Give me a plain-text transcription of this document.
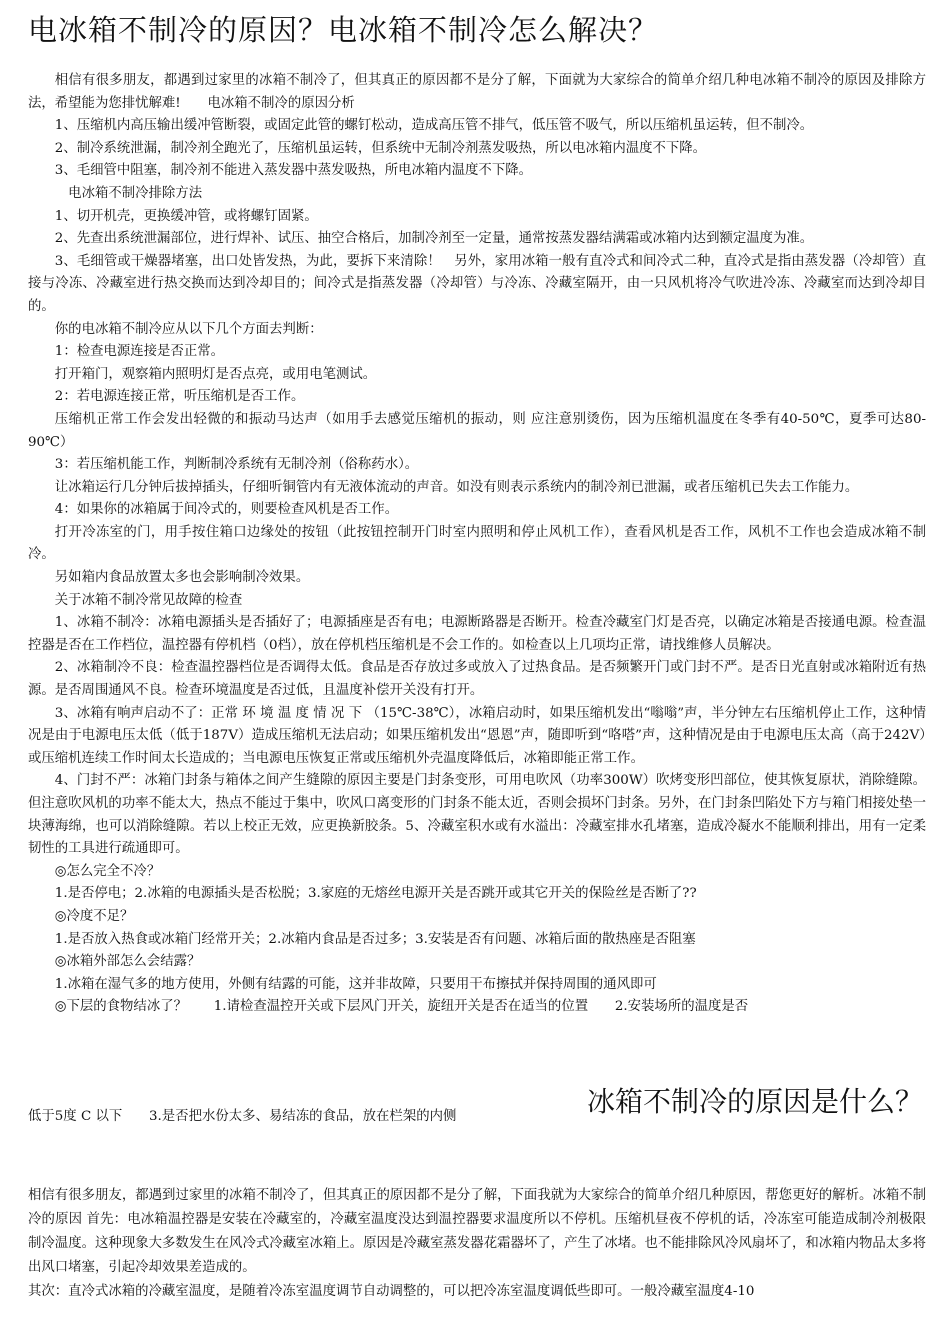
电冰箱不制冷的原因？电冰箱不制冷怎么解决？

相信有很多朋友，都遇到过家里的冰箱不制冷了，但其真正的原因都不是分了解，下面就为大家综合的简单介绍几种电冰箱不制冷的原因及排除方法，希望能为您排忧解难!　　电冰箱不制冷的原因分析

1、压缩机内高压输出缓冲管断裂，或固定此管的螺钉松动，造成高压管不排气，低压管不吸气，所以压缩机虽运转，但不制冷。

2、制冷系统泄漏，制冷剂全跑光了，压缩机虽运转，但系统中无制冷剂蒸发吸热，所以电冰箱内温度不下降。

3、毛细管中阻塞，制冷剂不能进入蒸发器中蒸发吸热，所电冰箱内温度不下降。

　电冰箱不制冷排除方法

1、切开机壳，更换缓冲管，或将螺钉固紧。

2、先查出系统泄漏部位，进行焊补、试压、抽空合格后，加制冷剂至一定量，通常按蒸发器结满霜或冰箱内达到额定温度为准。

3、毛细管或干燥器堵塞，出口处皆发热，为此，要拆下来清除！　另外，家用冰箱一般有直冷式和间冷式二种，直冷式是指由蒸发器（冷却管）直接与冷冻、冷藏室进行热交换而达到冷却目的；间冷式是指蒸发器（冷却管）与冷冻、冷藏室隔开，由一只风机将冷气吹进冷冻、冷藏室而达到冷却目的。

你的电冰箱不制冷应从以下几个方面去判断：

1：检查电源连接是否正常。

打开箱门，观察箱内照明灯是否点亮，或用电笔测试。

2：若电源连接正常，听压缩机是否工作。

压缩机正常工作会发出轻微的和振动马达声（如用手去感觉压缩机的振动，则 应注意别烫伤，因为压缩机温度在冬季有40-50℃，夏季可达80-90℃）

3：若压缩机能工作，判断制冷系统有无制冷剂（俗称药水）。

让冰箱运行几分钟后拔掉插头，仔细听铜管内有无液体流动的声音。如没有则表示系统内的制冷剂已泄漏，或者压缩机已失去工作能力。

4：如果你的冰箱属于间冷式的，则要检查风机是否工作。

打开冷冻室的门，用手按住箱口边缘处的按钮（此按钮控制开门时室内照明和停止风机工作），查看风机是否工作，风机不工作也会造成冰箱不制冷。

另如箱内食品放置太多也会影响制冷效果。

关于冰箱不制冷常见故障的检查

1、冰箱不制冷：冰箱电源插头是否插好了；电源插座是否有电；电源断路器是否断开。检查冷藏室门灯是否亮，以确定冰箱是否接通电源。检查温控器是否在工作档位，温控器有停机档（0档），放在停机档压缩机是不会工作的。如检查以上几项均正常，请找维修人员解决。

2、冰箱制冷不良：检查温控器档位是否调得太低。食品是否存放过多或放入了过热食品。是否频繁开门或门封不严。是否日光直射或冰箱附近有热源。是否周围通风不良。检查环境温度是否过低，且温度补偿开关没有打开。

3、冰箱有响声启动不了：正常 环 境 温 度 情 况 下 （15℃-38℃），冰箱启动时，如果压缩机发出“嗡嗡”声，半分钟左右压缩机停止工作，这种情况是由于电源电压太低（低于187V）造成压缩机无法启动；如果压缩机发出“恩恩”声，随即听到“咯嗒”声，这种情况是由于电源电压太高（高于242V）或压缩机连续工作时间太长造成的；当电源电压恢复正常或压缩机外壳温度降低后，冰箱即能正常工作。

4、门封不严：冰箱门封条与箱体之间产生缝隙的原因主要是门封条变形，可用电吹风（功率300W）吹烤变形凹部位，使其恢复原状，消除缝隙。但注意吹风机的功率不能太大，热点不能过于集中，吹风口离变形的门封条不能太近，否则会损坏门封条。另外，在门封条凹陷处下方与箱门相接处垫一块薄海绵，也可以消除缝隙。若以上校正无效，应更换新胶条。5、冷藏室积水或有水溢出：冷藏室排水孔堵塞，造成冷凝水不能顺利排出，用有一定柔韧性的工具进行疏通即可。

◎怎么完全不冷？

1.是否停电；2.冰箱的电源插头是否松脱；3.家庭的无熔丝电源开关是否跳开或其它开关的保险丝是否断了??

◎冷度不足？

1.是否放入热食或冰箱门经常开关；2.冰箱内食品是否过多；3.安装是否有问题、冰箱后面的散热座是否阻塞

◎冰箱外部怎么会结露？

1.冰箱在湿气多的地方使用，外侧有结露的可能，这并非故障，只要用干布擦拭并保持周围的通风即可

◎下层的食物结冰了？　　1.请检查温控开关或下层风门开关，旋纽开关是否在适当的位置　　2.安装场所的温度是否

低于5度 C 以下　　3.是否把水份太多、易结冻的食品，放在栏架的内侧	冰箱不制冷的原因是什么？

相信有很多朋友，都遇到过家里的冰箱不制冷了，但其真正的原因都不是分了解，下面我就为大家综合的简单介绍几种原因，帮您更好的解析。冰箱不制冷的原因 首先：电冰箱温控器是安装在冷藏室的，冷藏室温度没达到温控器要求温度所以不停机。压缩机昼夜不停机的话，冷冻室可能造成制冷剂极限制冷温度。这种现象大多数发生在风冷式冷藏室冰箱上。原因是冷藏室蒸发器花霜器坏了，产生了冰堵。也不能排除风冷风扇坏了，和冰箱内物品太多将出风口堵塞，引起冷却效果差造成的。

其次：直冷式冰箱的冷藏室温度，是随着冷冻室温度调节自动调整的，可以把冷冻室温度调低些即可。一般冷藏室温度4-10
